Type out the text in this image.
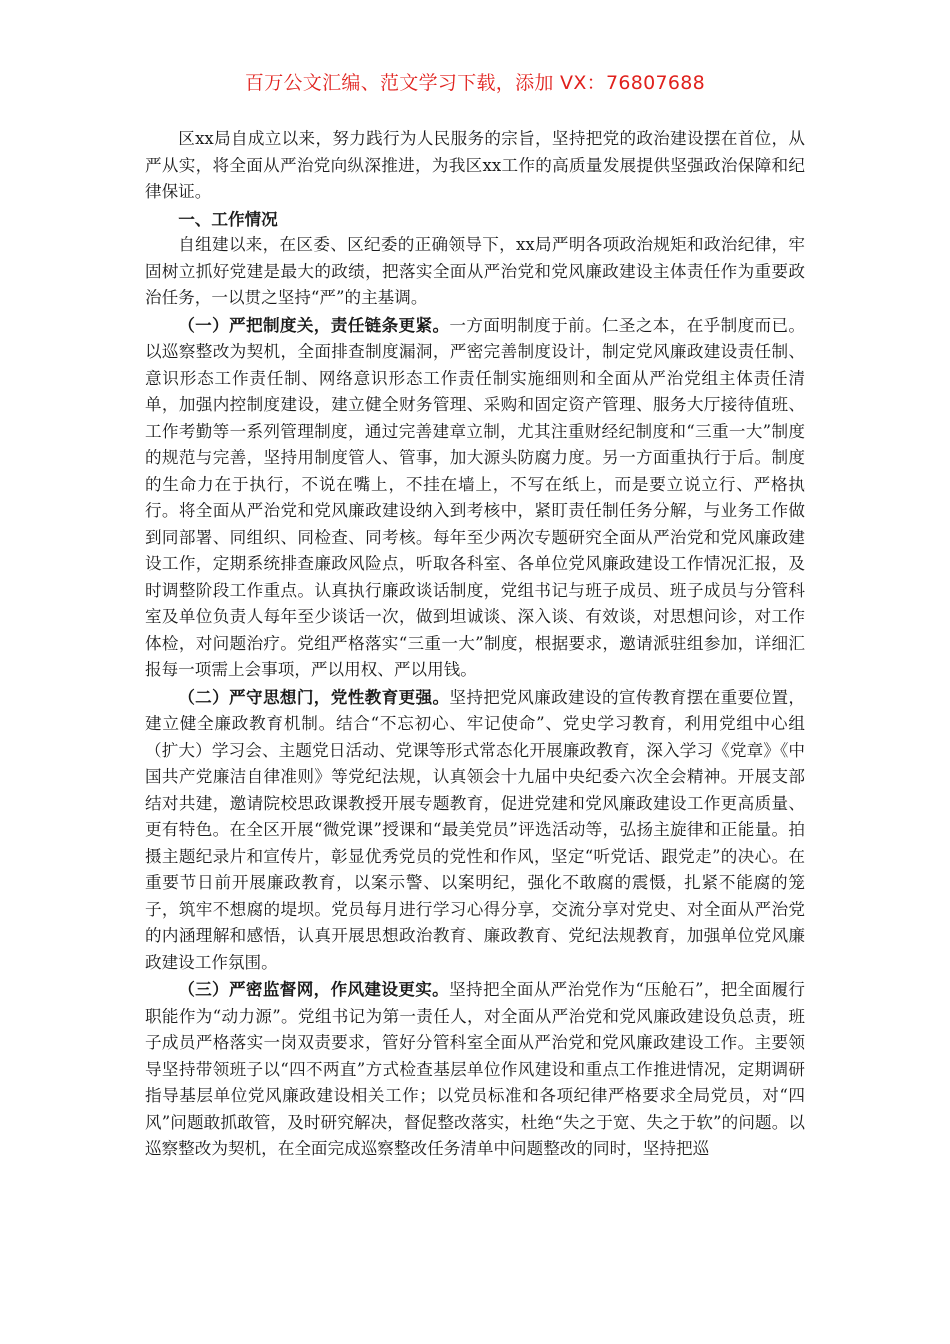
百万公文汇编、范文学习下载，添加 VX：76807688

区xx局自成立以来，努力践行为人民服务的宗旨，坚持把党的政治建设摆在首位，从严从实，将全面从严治党向纵深推进，为我区xx工作的高质量发展提供坚强政治保障和纪律保证。

一、工作情况

自组建以来，在区委、区纪委的正确领导下，xx局严明各项政治规矩和政治纪律，牢固树立抓好党建是最大的政绩，把落实全面从严治党和党风廉政建设主体责任作为重要政治任务，一以贯之坚持“严”的主基调。

（一）严把制度关，责任链条更紧。一方面明制度于前。仁圣之本，在乎制度而已。以巡察整改为契机，全面排查制度漏洞，严密完善制度设计，制定党风廉政建设责任制、意识形态工作责任制、网络意识形态工作责任制实施细则和全面从严治党组主体责任清单，加强内控制度建设，建立健全财务管理、采购和固定资产管理、服务大厅接待值班、工作考勤等一系列管理制度，通过完善建章立制，尤其注重财经纪制度和“三重一大”制度的规范与完善，坚持用制度管人、管事，加大源头防腐力度。另一方面重执行于后。制度的生命力在于执行，不说在嘴上，不挂在墙上，不写在纸上，而是要立说立行、严格执行。将全面从严治党和党风廉政建设纳入到考核中，紧盯责任制任务分解，与业务工作做到同部署、同组织、同检查、同考核。每年至少两次专题研究全面从严治党和党风廉政建设工作，定期系统排查廉政风险点，听取各科室、各单位党风廉政建设工作情况汇报，及时调整阶段工作重点。认真执行廉政谈话制度，党组书记与班子成员、班子成员与分管科室及单位负责人每年至少谈话一次，做到坦诚谈、深入谈、有效谈，对思想问诊，对工作体检，对问题治疗。党组严格落实“三重一大”制度，根据要求，邀请派驻组参加，详细汇报每一项需上会事项，严以用权、严以用钱。

（二）严守思想门，党性教育更强。坚持把党风廉政建设的宣传教育摆在重要位置，建立健全廉政教育机制。结合“不忘初心、牢记使命”、党史学习教育，利用党组中心组（扩大）学习会、主题党日活动、党课等形式常态化开展廉政教育，深入学习《党章》《中国共产党廉洁自律准则》等党纪法规，认真领会十九届中央纪委六次全会精神。开展支部结对共建，邀请院校思政课教授开展专题教育，促进党建和党风廉政建设工作更高质量、更有特色。在全区开展“微党课”授课和“最美党员”评选活动等，弘扬主旋律和正能量。拍摄主题纪录片和宣传片，彰显优秀党员的党性和作风，坚定“听党话、跟党走”的决心。在重要节日前开展廉政教育，以案示警、以案明纪，强化不敢腐的震慑，扎紧不能腐的笼子，筑牢不想腐的堤坝。党员每月进行学习心得分享，交流分享对党史、对全面从严治党的内涵理解和感悟，认真开展思想政治教育、廉政教育、党纪法规教育，加强单位党风廉政建设工作氛围。

（三）严密监督网，作风建设更实。坚持把全面从严治党作为“压舱石”，把全面履行职能作为“动力源”。党组书记为第一责任人，对全面从严治党和党风廉政建设负总责，班子成员严格落实一岗双责要求，管好分管科室全面从严治党和党风廉政建设工作。主要领导坚持带领班子以“四不两直”方式检查基层单位作风建设和重点工作推进情况，定期调研指导基层单位党风廉政建设相关工作；以党员标准和各项纪律严格要求全局党员，对“四风”问题敢抓敢管，及时研究解决，督促整改落实，杜绝“失之于宽、失之于软”的问题。以巡察整改为契机，在全面完成巡察整改任务清单中问题整改的同时，坚持把巡
